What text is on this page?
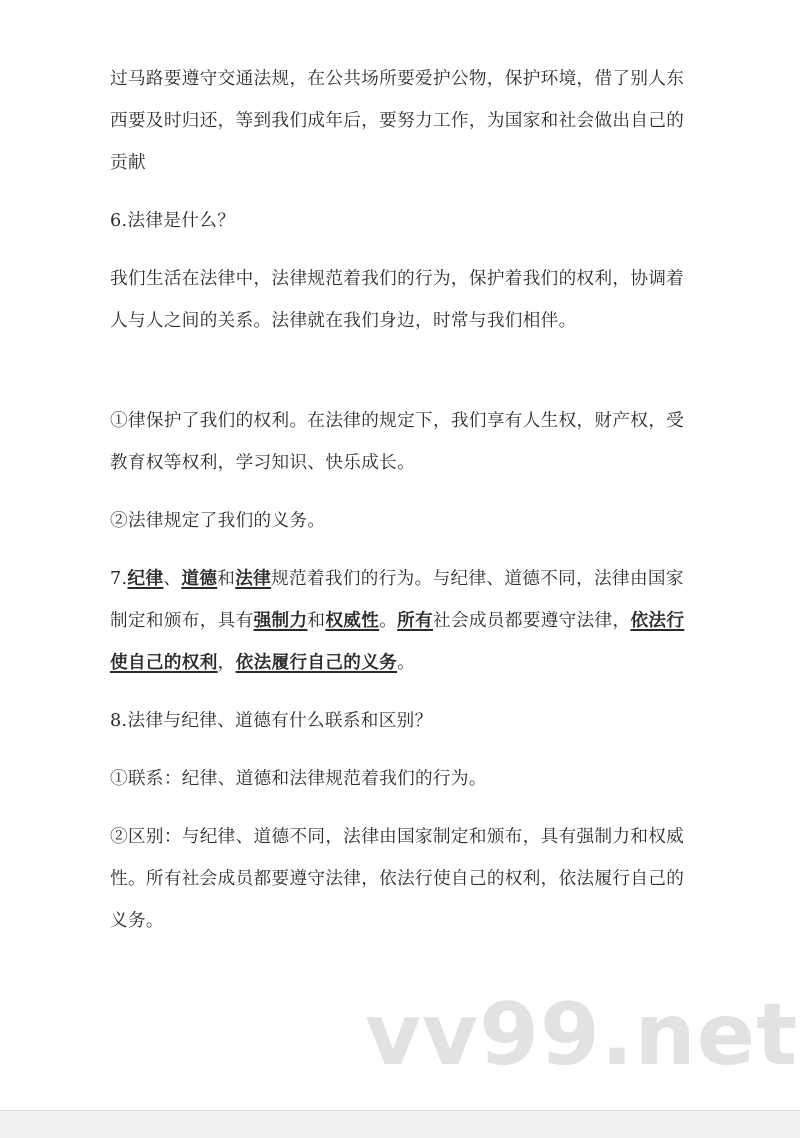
过马路要遵守交通法规，在公共场所要爱护公物，保护环境，借了别人东西要及时归还，等到我们成年后，要努力工作，为国家和社会做出自己的贡献

6.法律是什么？

我们生活在法律中，法律规范着我们的行为，保护着我们的权利，协调着人与人之间的关系。法律就在我们身边，时常与我们相伴。

①律保护了我们的权利。在法律的规定下，我们享有人生权，财产权，受教育权等权利，学习知识、快乐成长。

②法律规定了我们的义务。

7.纪律、道德和法律规范着我们的行为。与纪律、道德不同，法律由国家制定和颁布，具有强制力和权威性。所有社会成员都要遵守法律，依法行使自己的权利，依法履行自己的义务。

8.法律与纪律、道德有什么联系和区别？

①联系：纪律、道德和法律规范着我们的行为。

②区别：与纪律、道德不同，法律由国家制定和颁布，具有强制力和权威性。所有社会成员都要遵守法律，依法行使自己的权利，依法履行自己的义务。

vv99.net
